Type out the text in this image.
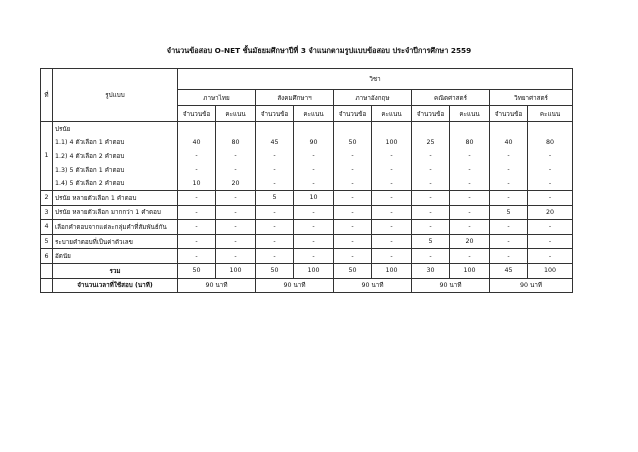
จำนวนข้อสอบ O-NET ชั้นมัธยมศึกษาปีที่ 3 จำแนกตามรูปแบบข้อสอบ ประจำปีการศึกษา 2559
ที่	รูปแบบ	วิชา									
		ภาษาไทย		สังคมศึกษาฯ		ภาษาอังกฤษ		คณิตศาสตร์		วิทยาศาสตร์	
		จำนวนข้อ	คะแนน	จำนวนข้อ	คะแนน	จำนวนข้อ	คะแนน	จำนวนข้อ	คะแนน	จำนวนข้อ	คะแนน
1	ปรนัย										
	1.1) 4 ตัวเลือก 1 คำตอบ	40	80	45	90	50	100	25	80	40	80
	1.2) 4 ตัวเลือก 2 คำตอบ	-	-	-	-	-	-	-	-	-	-
	1.3) 5 ตัวเลือก 1 คำตอบ	-	-	-	-	-	-	-	-	-	-
	1.4) 5 ตัวเลือก 2 คำตอบ	10	20	-	-	-	-	-	-	-	-
2	ปรนัย หลายตัวเลือก 1 คำตอบ	-	-	5	10	-	-	-	-	-	-
3	ปรนัย หลายตัวเลือก มากกว่า 1 คำตอบ	-	-	-	-	-	-	-	-	5	20
4	เลือกคำตอบจากแต่ละกลุ่มคำที่สัมพันธ์กัน	-	-	-	-	-	-	-	-	-	-
5	ระบายคำตอบที่เป็นค่าตัวเลข	-	-	-	-	-	-	5	20	-	-
6	อัตนัย	-	-	-	-	-	-	-	-	-	-
	รวม	50	100	50	100	50	100	30	100	45	100
	จำนวนเวลาที่ใช้สอบ (นาที)	90 นาที		90 นาที		90 นาที		90 นาที		90 นาที	
